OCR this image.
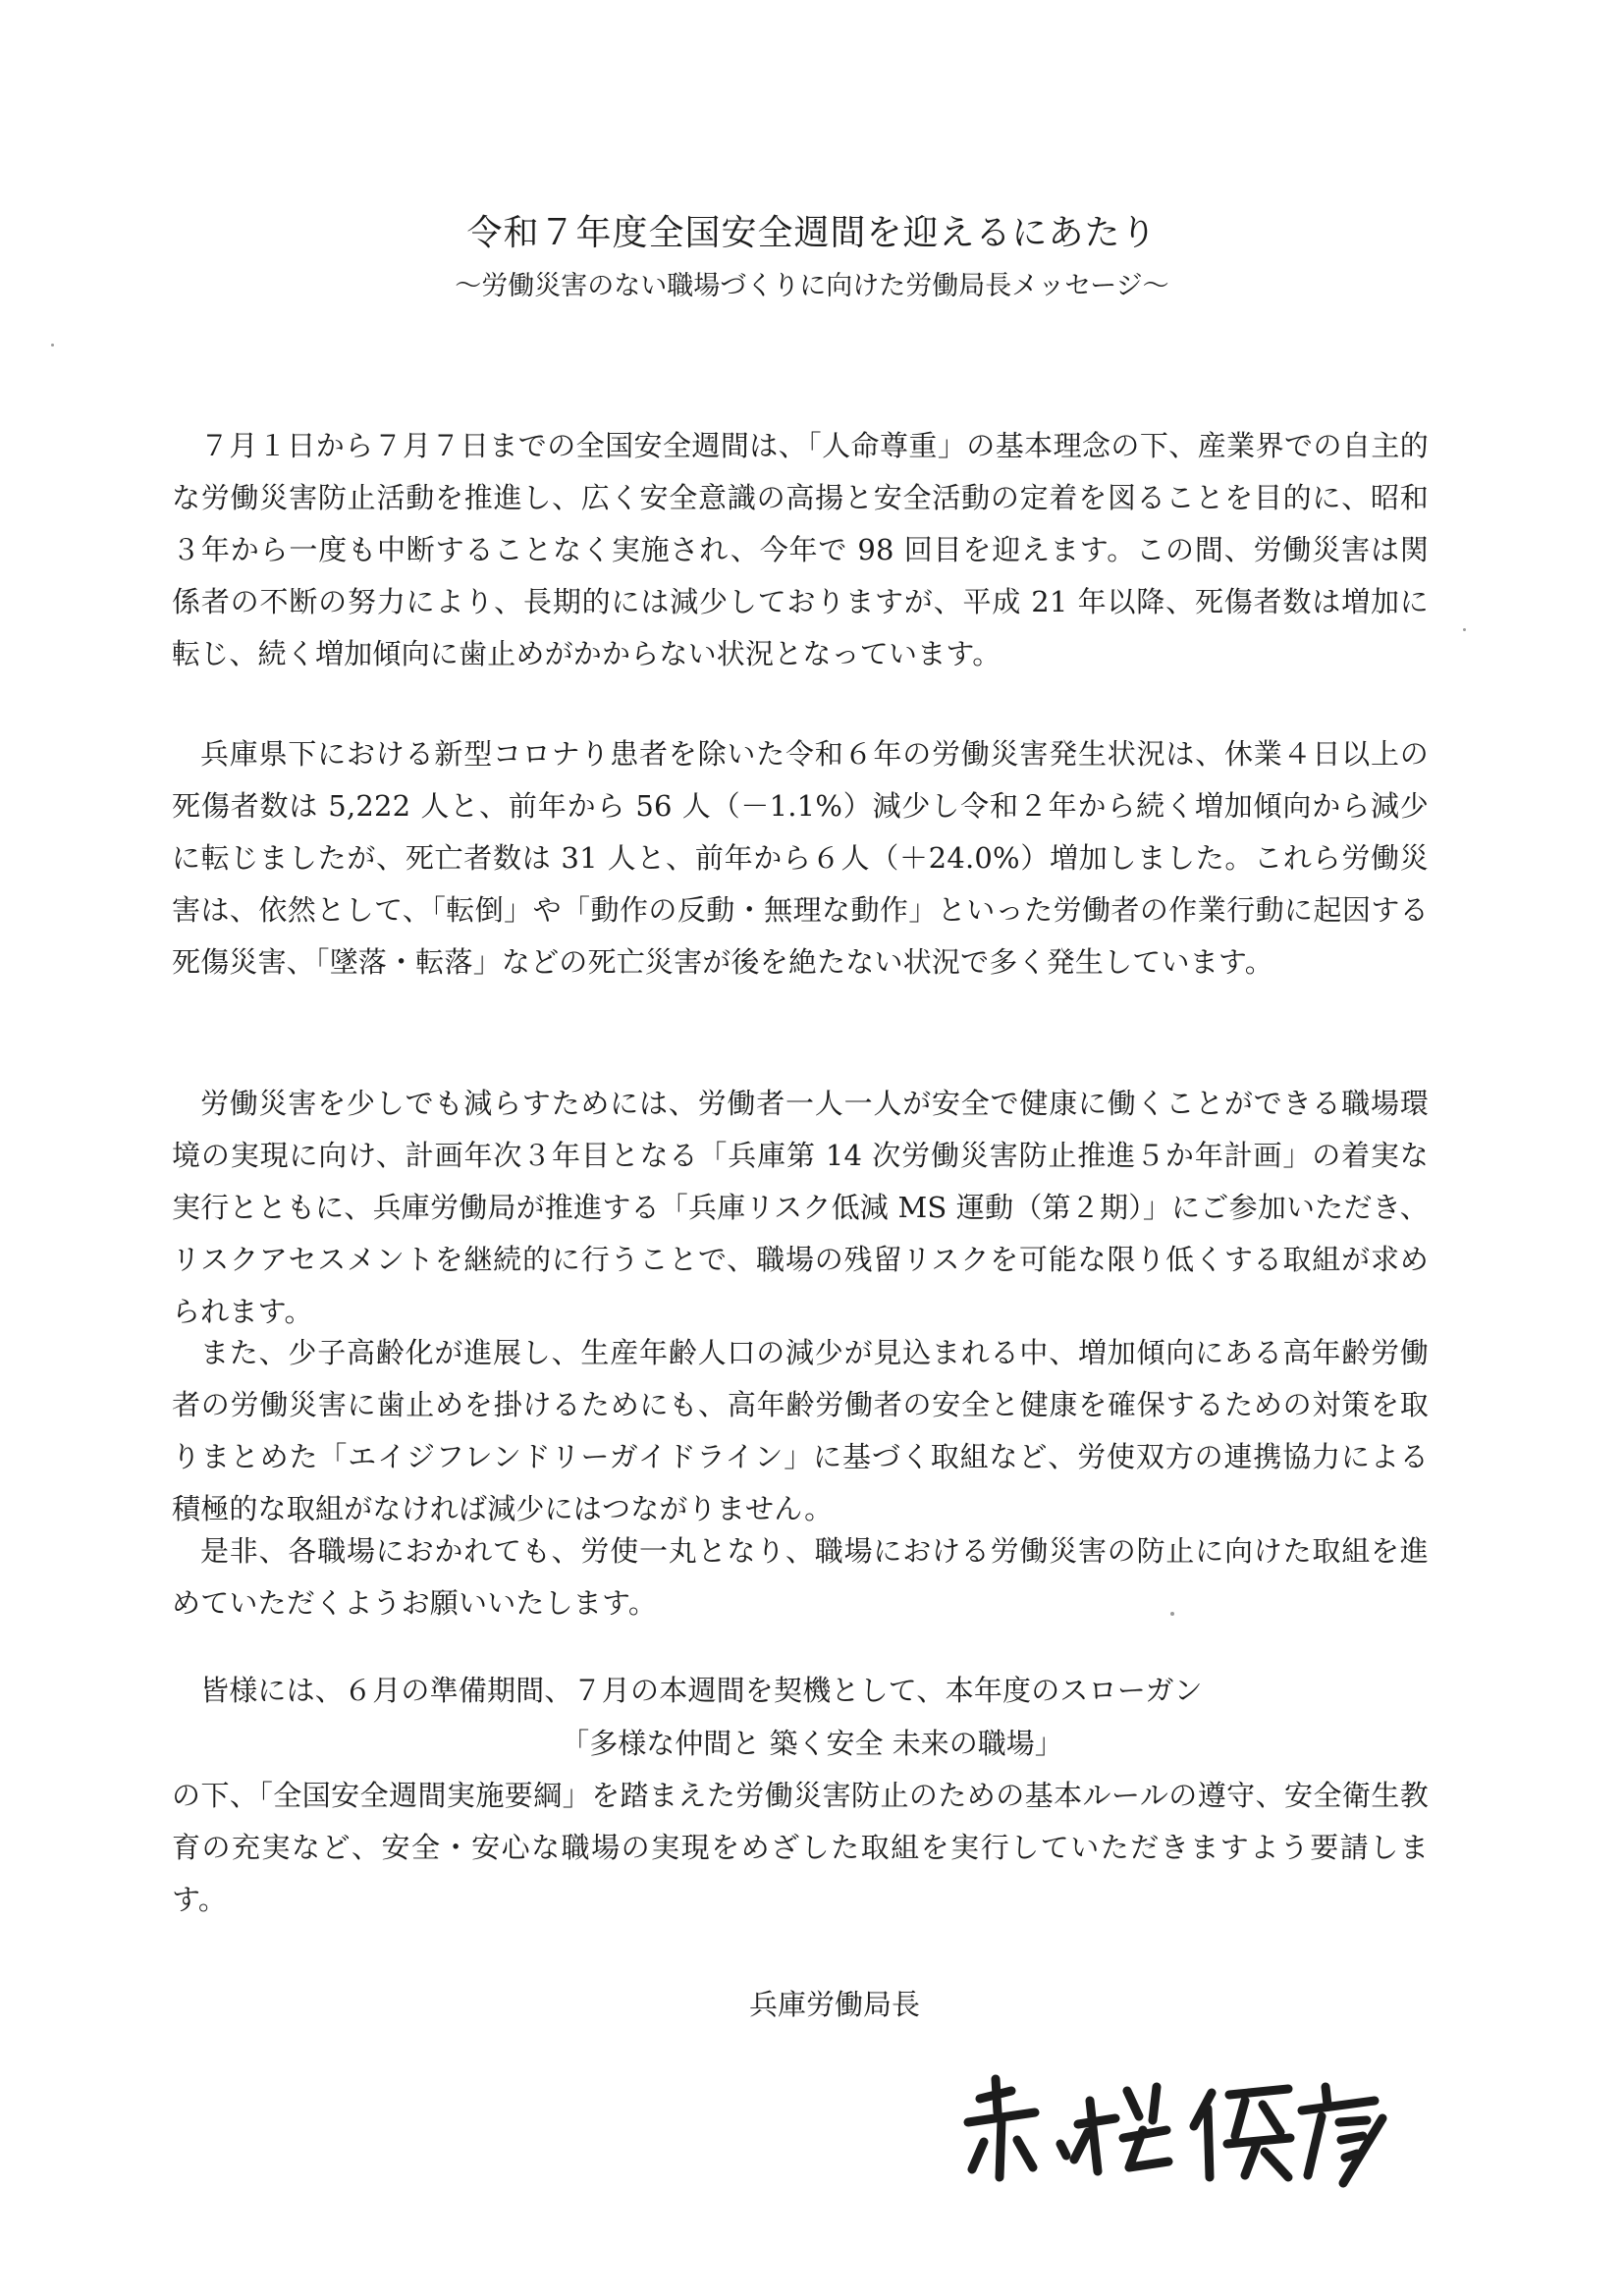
令和７年度全国安全週間を迎えるにあたり

～労働災害のない職場づくりに向けた労働局長メッセージ～

７月１日から７月７日までの全国安全週間は、「人命尊重」の基本理念の下、産業界での自主的な労働災害防止活動を推進し、広く安全意識の高揚と安全活動の定着を図ることを目的に、昭和３年から一度も中断することなく実施され、今年で 98 回目を迎えます。この間、労働災害は関係者の不断の努力により、長期的には減少しておりますが、平成 21 年以降、死傷者数は増加に転じ、続く増加傾向に歯止めがかからない状況となっています。

兵庫県下における新型コロナり患者を除いた令和６年の労働災害発生状況は、休業４日以上の死傷者数は 5,222 人と、前年から 56 人（－1.1%）減少し令和２年から続く増加傾向から減少に転じましたが、死亡者数は 31 人と、前年から６人（＋24.0%）増加しました。これら労働災害は、依然として、「転倒」や「動作の反動・無理な動作」といった労働者の作業行動に起因する死傷災害、「墜落・転落」などの死亡災害が後を絶たない状況で多く発生しています。

労働災害を少しでも減らすためには、労働者一人一人が安全で健康に働くことができる職場環境の実現に向け、計画年次３年目となる「兵庫第 14 次労働災害防止推進５か年計画」の着実な実行とともに、兵庫労働局が推進する「兵庫リスク低減 MS 運動（第２期）」にご参加いただき、リスクアセスメントを継続的に行うことで、職場の残留リスクを可能な限り低くする取組が求められます。

また、少子高齢化が進展し、生産年齢人口の減少が見込まれる中、増加傾向にある高年齢労働者の労働災害に歯止めを掛けるためにも、高年齢労働者の安全と健康を確保するための対策を取りまとめた「エイジフレンドリーガイドライン」に基づく取組など、労使双方の連携協力による積極的な取組がなければ減少にはつながりません。

是非、各職場におかれても、労使一丸となり、職場における労働災害の防止に向けた取組を進めていただくようお願いいたします。

皆様には、６月の準備期間、７月の本週間を契機として、本年度のスローガン

「多様な仲間と 築く安全 未来の職場」

の下、「全国安全週間実施要綱」を踏まえた労働災害防止のための基本ルールの遵守、安全衛生教育の充実など、安全・安心な職場の実現をめざした取組を実行していただきますよう要請します。

兵庫労働局長
